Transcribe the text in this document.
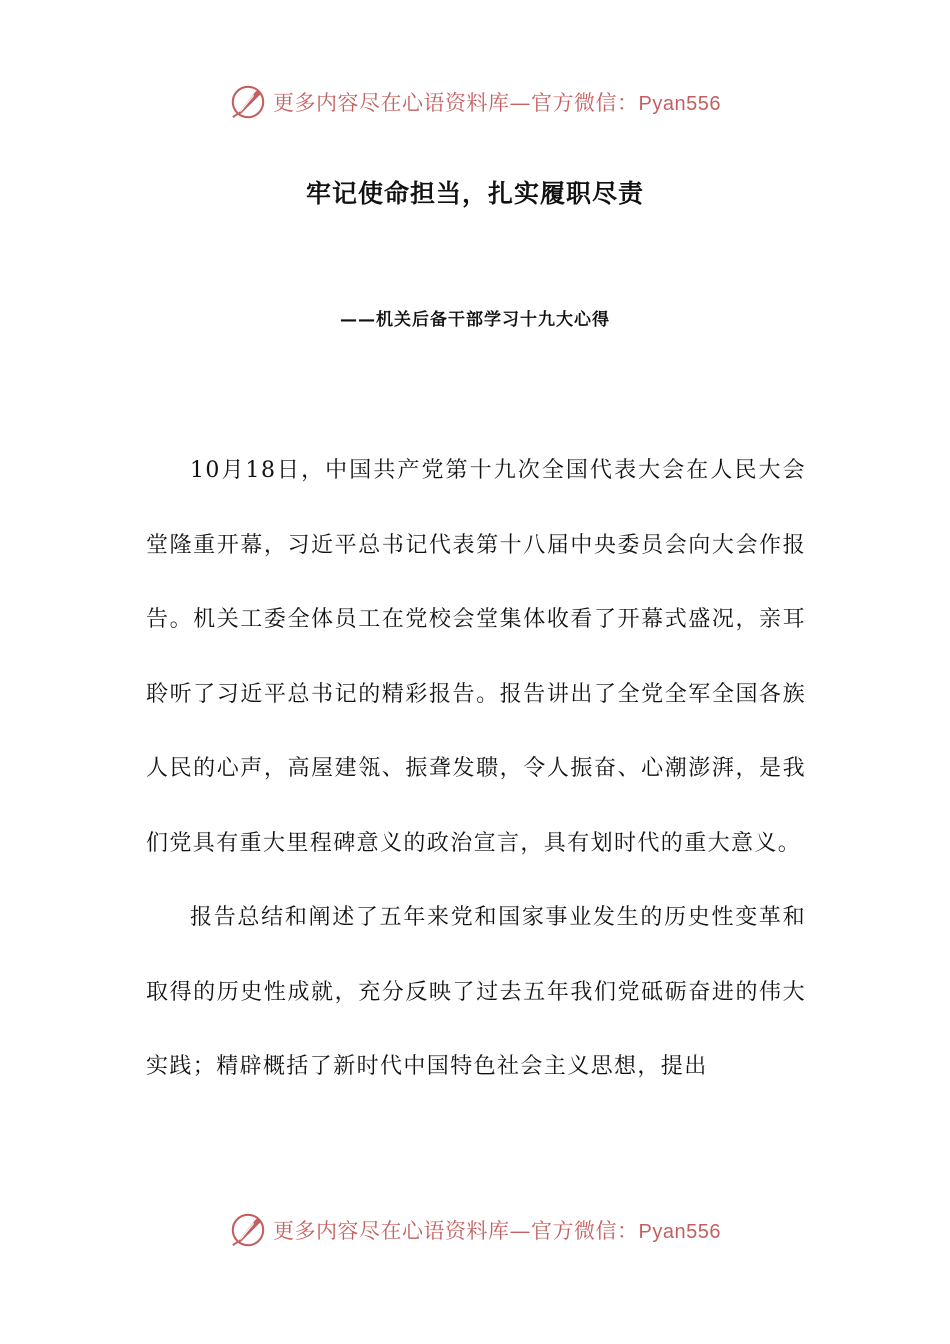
更多内容尽在心语资料库—官方微信：Pyan556
牢记使命担当，扎实履职尽责
——机关后备干部学习十九大心得

10月18日，中国共产党第十九次全国代表大会在人民大会堂隆重开幕，习近平总书记代表第十八届中央委员会向大会作报告。机关工委全体员工在党校会堂集体收看了开幕式盛况，亲耳聆听了习近平总书记的精彩报告。报告讲出了全党全军全国各族人民的心声，高屋建瓴、振聋发聩，令人振奋、心潮澎湃，是我们党具有重大里程碑意义的政治宣言，具有划时代的重大意义。

报告总结和阐述了五年来党和国家事业发生的历史性变革和取得的历史性成就，充分反映了过去五年我们党砥砺奋进的伟大实践；精辟概括了新时代中国特色社会主义思想，提出

更多内容尽在心语资料库—官方微信：Pyan556
